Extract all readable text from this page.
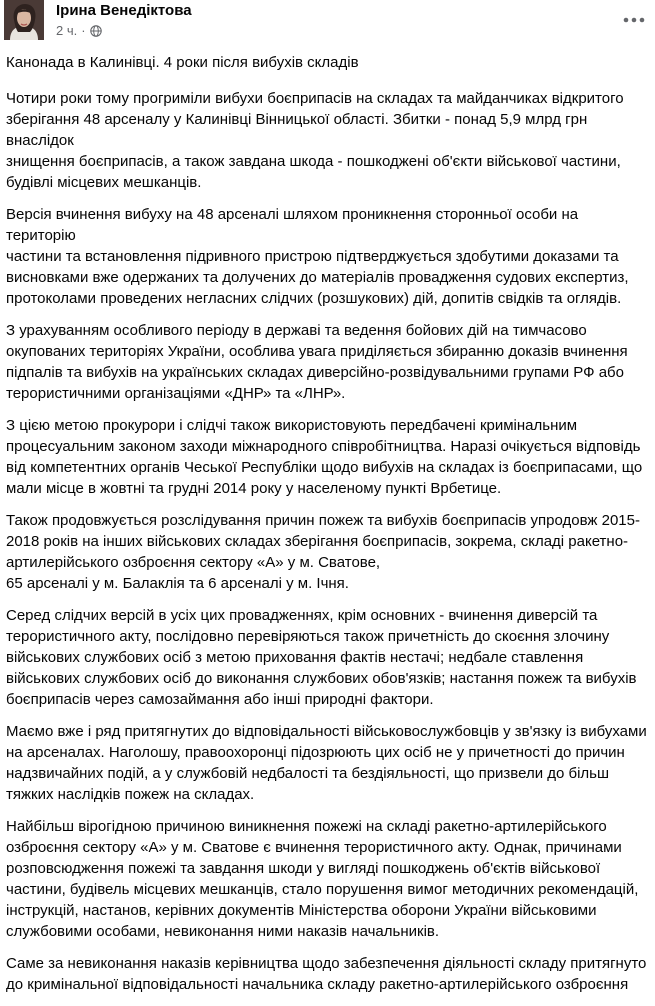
Ірина Венедіктова
2 ч. ·

Канонада в Калинівці. 4 роки після вибухів складів

Чотири роки тому прогриміли вибухи боєприпасів на складах та майданчиках відкритого
зберігання 48 арсеналу у Калинівці Вінницької області. Збитки - понад 5,9 млрд грн внаслідок
знищення боєприпасів, а також завдана шкода - пошкоджені об'єкти військової частини,
будівлі місцевих мешканців.

Версія вчинення вибуху на 48 арсеналі шляхом проникнення сторонньої особи на територію
частини та встановлення підривного пристрою підтверджується здобутими доказами та
висновками вже одержаних та долучених до матеріалів провадження судових експертиз,
протоколами проведених негласних слідчих (розшукових) дій, допитів свідків та оглядів.

З урахуванням особливого періоду в державі та ведення бойових дій на тимчасово
окупованих територіях України, особлива увага приділяється збиранню доказів вчинення
підпалів та вибухів на українських складах диверсійно-розвідувальними групами РФ або
терористичними організаціями «ДНР» та «ЛНР».

З цією метою прокурори і слідчі також використовують передбачені кримінальним
процесуальним законом заходи міжнародного співробітництва. Наразі очікується відповідь
від компетентних органів Чеської Республіки щодо вибухів на складах із боєприпасами, що
мали місце в жовтні та грудні 2014 року у населеному пункті Врбетице.

Також продовжується розслідування причин пожеж та вибухів боєприпасів упродовж 2015-
2018 років на інших військових складах зберігання боєприпасів, зокрема, складі ракетно-
артилерійського озброєння сектору «А» у м. Сватове,
65 арсеналі у м. Балаклія та 6 арсеналі у м. Ічня.

Серед слідчих версій в усіх цих провадженнях, крім основних - вчинення диверсій та
терористичного акту, послідовно перевіряються також причетність до скоєння злочину
військових службових осіб з метою приховання фактів нестачі; недбале ставлення
військових службових осіб до виконання службових обов'язків; настання пожеж та вибухів
боєприпасів через самозаймання або інші природні фактори.

Маємо вже і ряд притягнутих до відповідальності військовослужбовців у зв'язку із вибухами
на арсеналах. Наголошу, правоохоронці підозрюють цих осіб не у причетності до причин
надзвичайних подій, а у службовій недбалості та бездіяльності, що призвели до більш
тяжких наслідків пожеж на складах.

Найбільш вірогідною причиною виникнення пожежі на складі ракетно-артилерійського
озброєння сектору «А» у м. Сватове є вчинення терористичного акту. Однак, причинами
розповсюдження пожежі та завдання шкоди у вигляді пошкоджень об'єктів військової
частини, будівель місцевих мешканців, стало порушення вимог методичних рекомендацій,
інструкцій, настанов, керівних документів Міністерства оборони України військовими
службовими особами, невиконання ними наказів начальників.

Саме за невиконання наказів керівництва щодо забезпечення діяльності складу притягнуто
до кримінальної відповідальності начальника складу ракетно-артилерійського озброєння
